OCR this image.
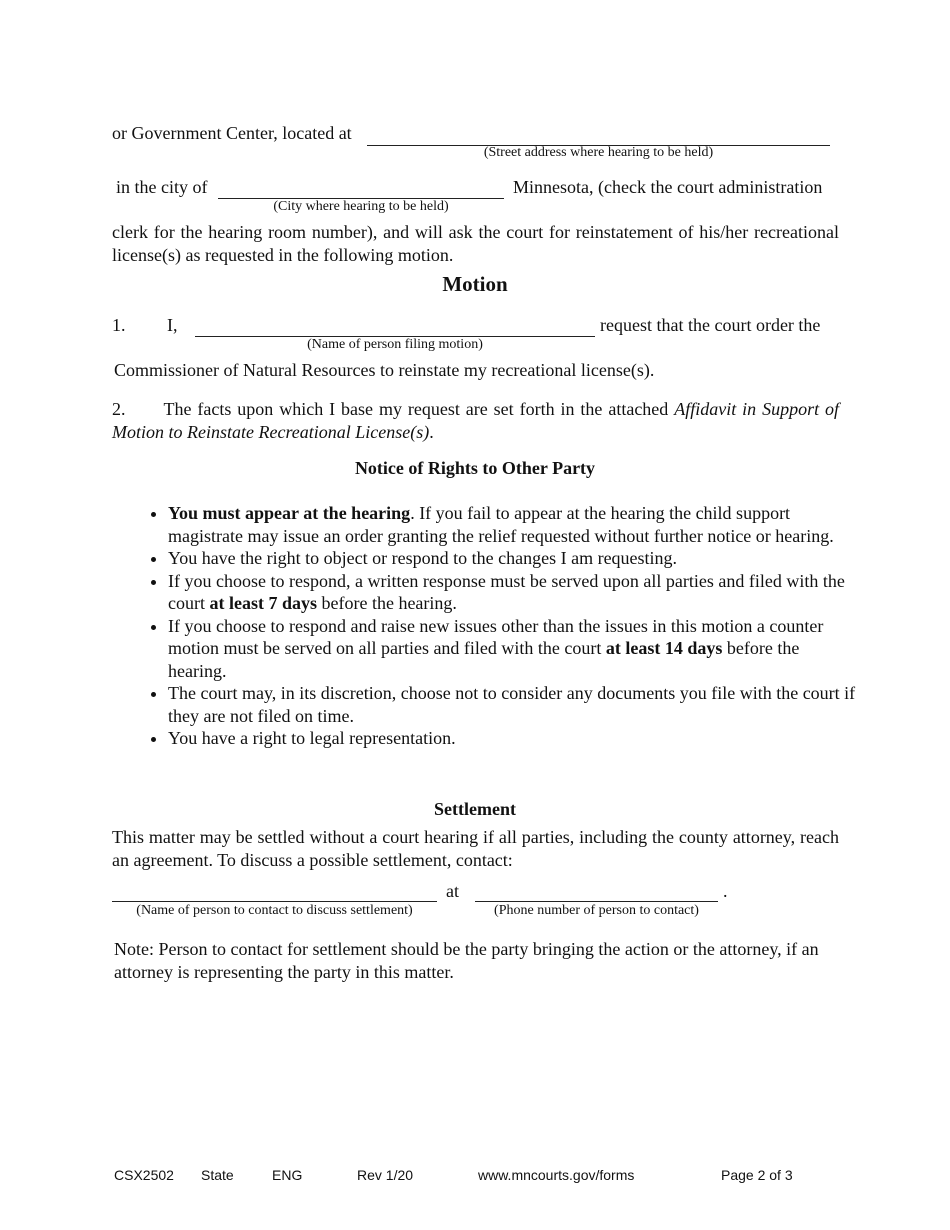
or Government Center, located at
(Street address where hearing to be held)
in the city of	Minnesota, (check the court administration
(City where hearing to be held)
clerk for the hearing room number), and will ask the court for reinstatement of his/her recreational license(s) as requested in the following motion.
Motion
1. I,	request that the court order the
(Name of person filing motion)
Commissioner of Natural Resources to reinstate my recreational license(s).
2. The facts upon which I base my request are set forth in the attached Affidavit in Support of Motion to Reinstate Recreational License(s).
Notice of Rights to Other Party
• You must appear at the hearing. If you fail to appear at the hearing the child support magistrate may issue an order granting the relief requested without further notice or hearing.
• You have the right to object or respond to the changes I am requesting.
• If you choose to respond, a written response must be served upon all parties and filed with the court at least 7 days before the hearing.
• If you choose to respond and raise new issues other than the issues in this motion a counter motion must be served on all parties and filed with the court at least 14 days before the hearing.
• The court may, in its discretion, choose not to consider any documents you file with the court if they are not filed on time.
• You have a right to legal representation.
Settlement
This matter may be settled without a court hearing if all parties, including the county attorney, reach an agreement. To discuss a possible settlement, contact:
at	.
(Name of person to contact to discuss settlement)	(Phone number of person to contact)
Note: Person to contact for settlement should be the party bringing the action or the attorney, if an attorney is representing the party in this matter.
CSX2502 State	ENG	Rev 1/20	www.mncourts.gov/forms	Page 2 of 3
